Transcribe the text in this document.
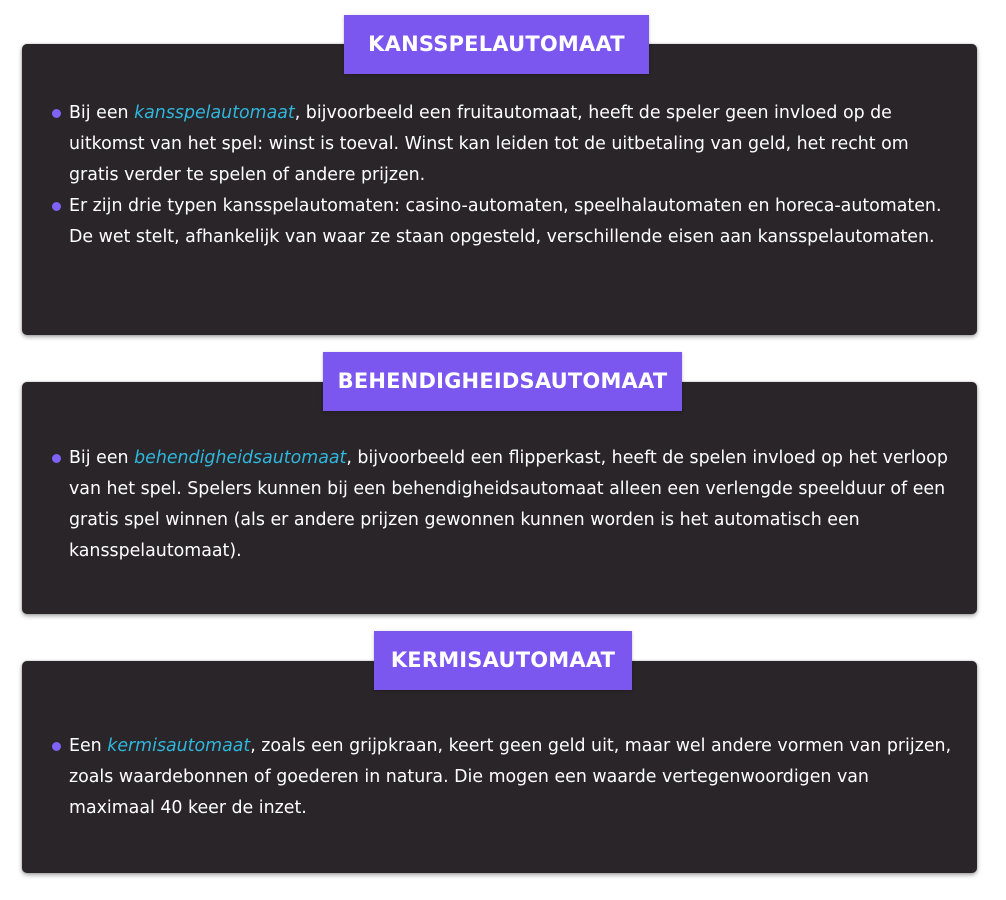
Bij een kansspelautomaat, bijvoorbeeld een fruitautomaat, heeft de speler geen invloed op de uitkomst van het spel: winst is toeval. Winst kan leiden tot de uitbetaling van geld, het recht om gratis verder te spelen of andere prijzen.
Er zijn drie typen kansspelautomaten: casino-automaten, speelhalautomaten en horeca-automaten. De wet stelt, afhankelijk van waar ze staan opgesteld, verschillende eisen aan kansspelautomaten.
KANSSPELAUTOMAAT
Bij een behendigheidsautomaat, bijvoorbeeld een flipperkast, heeft de spelen invloed op het verloop van het spel. Spelers kunnen bij een behendigheidsautomaat alleen een verlengde speelduur of een gratis spel winnen (als er andere prijzen gewonnen kunnen worden is het automatisch een kansspelautomaat).
BEHENDIGHEIDSAUTOMAAT
Een kermisautomaat, zoals een grijpkraan, keert geen geld uit, maar wel andere vormen van prijzen, zoals waardebonnen of goederen in natura. Die mogen een waarde vertegenwoordigen van maximaal 40 keer de inzet.
KERMISAUTOMAAT
